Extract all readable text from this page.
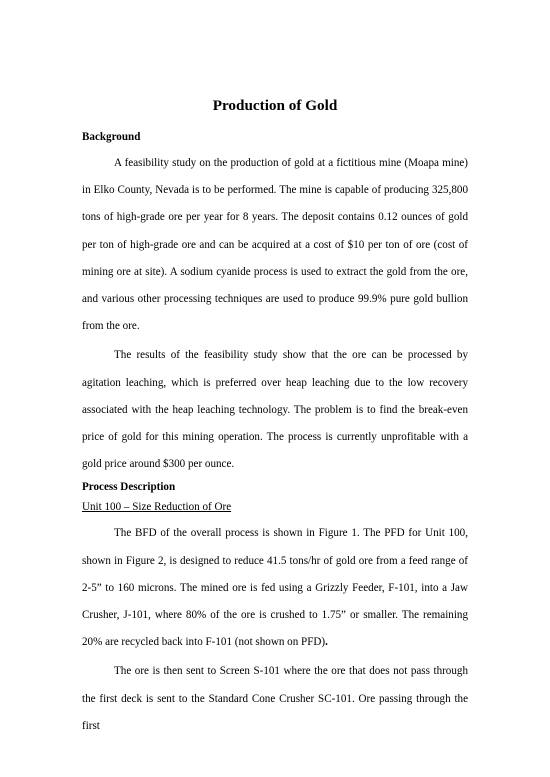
Production of Gold
Background

A feasibility study on the production of gold at a fictitious mine (Moapa mine) in Elko County, Nevada is to be performed. The mine is capable of producing 325,800 tons of high-grade ore per year for 8 years. The deposit contains 0.12 ounces of gold per ton of high-grade ore and can be acquired at a cost of $10 per ton of ore (cost of mining ore at site). A sodium cyanide process is used to extract the gold from the ore, and various other processing techniques are used to produce 99.9% pure gold bullion from the ore.

The results of the feasibility study show that the ore can be processed by agitation leaching, which is preferred over heap leaching due to the low recovery associated with the heap leaching technology. The problem is to find the break-even price of gold for this mining operation. The process is currently unprofitable with a gold price around $300 per ounce.

Process Description
Unit 100 – Size Reduction of Ore

The BFD of the overall process is shown in Figure 1. The PFD for Unit 100, shown in Figure 2, is designed to reduce 41.5 tons/hr of gold ore from a feed range of 2-5” to 160 microns. The mined ore is fed using a Grizzly Feeder, F-101, into a Jaw Crusher, J-101, where 80% of the ore is crushed to 1.75” or smaller. The remaining 20% are recycled back into F-101 (not shown on PFD).

The ore is then sent to Screen S-101 where the ore that does not pass through the first deck is sent to the Standard Cone Crusher SC-101. Ore passing through the first
